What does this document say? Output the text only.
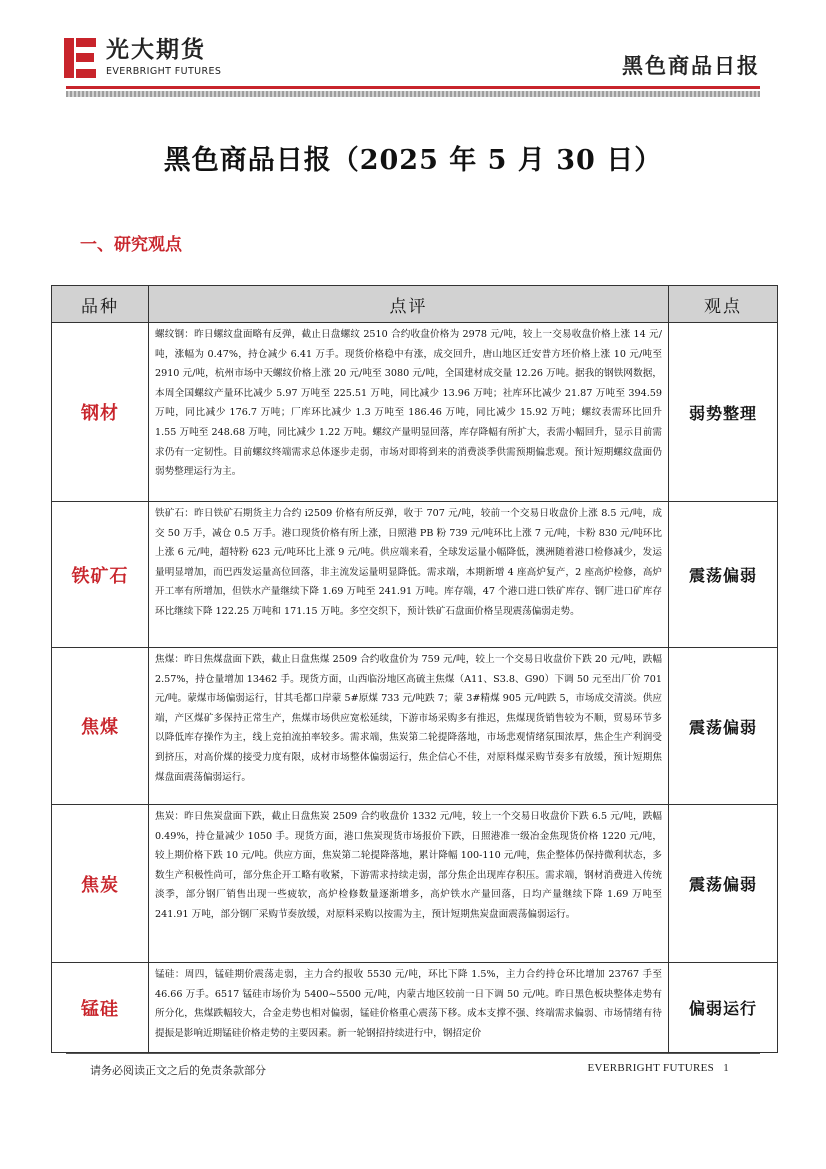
光大期货
EVERBRIGHT FUTURES	黑色商品日报
黑色商品日报（2025 年 5 月 30 日）
一、研究观点
品种	点评	观点
钢材	螺纹钢：昨日螺纹盘面略有反弹，截止日盘螺纹 2510 合约收盘价格为 2978 元/吨，较上一交易收盘价格上涨 14 元/吨，涨幅为 0.47%，持仓减少 6.41 万手。现货价格稳中有涨，成交回升，唐山地区迁安普方坯价格上涨 10 元/吨至 2910 元/吨，杭州市场中天螺纹价格上涨 20 元/吨至 3080 元/吨，全国建材成交量 12.26 万吨。据我的钢铁网数据，本周全国螺纹产量环比减少 5.97 万吨至 225.51 万吨，同比减少 13.96 万吨；社库环比减少 21.87 万吨至 394.59 万吨，同比减少 176.7 万吨；厂库环比减少 1.3 万吨至 186.46 万吨，同比减少 15.92 万吨；螺纹表需环比回升 1.55 万吨至 248.68 万吨，同比减少 1.22 万吨。螺纹产量明显回落，库存降幅有所扩大，表需小幅回升，显示目前需求仍有一定韧性。目前螺纹终端需求总体逐步走弱，市场对即将到来的消费淡季供需预期偏悲观。预计短期螺纹盘面仍弱势整理运行为主。	弱势整理
铁矿石	铁矿石：昨日铁矿石期货主力合约 i2509 价格有所反弹，收于 707 元/吨，较前一个交易日收盘价上涨 8.5 元/吨，成交 50 万手，减仓 0.5 万手。港口现货价格有所上涨，日照港 PB 粉 739 元/吨环比上涨 7 元/吨，卡粉 830 元/吨环比上涨 6 元/吨，超特粉 623 元/吨环比上涨 9 元/吨。供应端来看，全球发运量小幅降低，澳洲随着港口检修减少，发运量明显增加，而巴西发运量高位回落，非主流发运量明显降低。需求端，本期新增 4 座高炉复产，2 座高炉检修，高炉开工率有所增加，但铁水产量继续下降 1.69 万吨至 241.91 万吨。库存端，47 个港口进口铁矿库存、钢厂进口矿库存环比继续下降 122.25 万吨和 171.15 万吨。多空交织下，预计铁矿石盘面价格呈现震荡偏弱走势。	震荡偏弱
焦煤	焦煤：昨日焦煤盘面下跌，截止日盘焦煤 2509 合约收盘价为 759 元/吨，较上一个交易日收盘价下跌 20 元/吨，跌幅 2.57%，持仓量增加 13462 手。现货方面，山西临汾地区高硫主焦煤（A11、S3.8、G90）下调 50 元至出厂价 701 元/吨。蒙煤市场偏弱运行，甘其毛都口岸蒙 5#原煤 733 元/吨跌 7；蒙 3#精煤 905 元/吨跌 5，市场成交清淡。供应端，产区煤矿多保持正常生产，焦煤市场供应宽松延续，下游市场采购多有推迟，焦煤现货销售较为不顺，贸易环节多以降低库存操作为主，线上竞拍流拍率较多。需求端，焦炭第二轮提降落地，市场悲观情绪氛围浓厚，焦企生产利润受到挤压，对高价煤的接受力度有限，成材市场整体偏弱运行，焦企信心不佳，对原料煤采购节奏多有放缓，预计短期焦煤盘面震荡偏弱运行。	震荡偏弱
焦炭	焦炭：昨日焦炭盘面下跌，截止日盘焦炭 2509 合约收盘价 1332 元/吨，较上一个交易日收盘价下跌 6.5 元/吨，跌幅 0.49%，持仓量减少 1050 手。现货方面，港口焦炭现货市场报价下跌，日照港准一级冶金焦现货价格 1220 元/吨，较上期价格下跌 10 元/吨。供应方面，焦炭第二轮提降落地，累计降幅 100-110 元/吨，焦企整体仍保持微利状态，多数生产积极性尚可，部分焦企开工略有收紧，下游需求持续走弱，部分焦企出现库存积压。需求端，钢材消费进入传统淡季，部分钢厂销售出现一些疲软，高炉检修数量逐渐增多，高炉铁水产量回落，日均产量继续下降 1.69 万吨至 241.91 万吨，部分钢厂采购节奏放缓，对原料采购以按需为主，预计短期焦炭盘面震荡偏弱运行。	震荡偏弱
锰硅	锰硅：周四，锰硅期价震荡走弱，主力合约报收 5530 元/吨，环比下降 1.5%，主力合约持仓环比增加 23767 手至 46.66 万手。6517 锰硅市场价为 5400~5500 元/吨，内蒙古地区较前一日下调 50 元/吨。昨日黑色板块整体走势有所分化，焦煤跌幅较大，合金走势也相对偏弱，锰硅价格重心震荡下移。成本支撑不强、终端需求偏弱、市场情绪有待提振是影响近期锰硅价格走势的主要因素。新一轮钢招持续进行中，钢招定价	偏弱运行
请务必阅读正文之后的免责条款部分	EVERBRIGHT FUTURES 1
